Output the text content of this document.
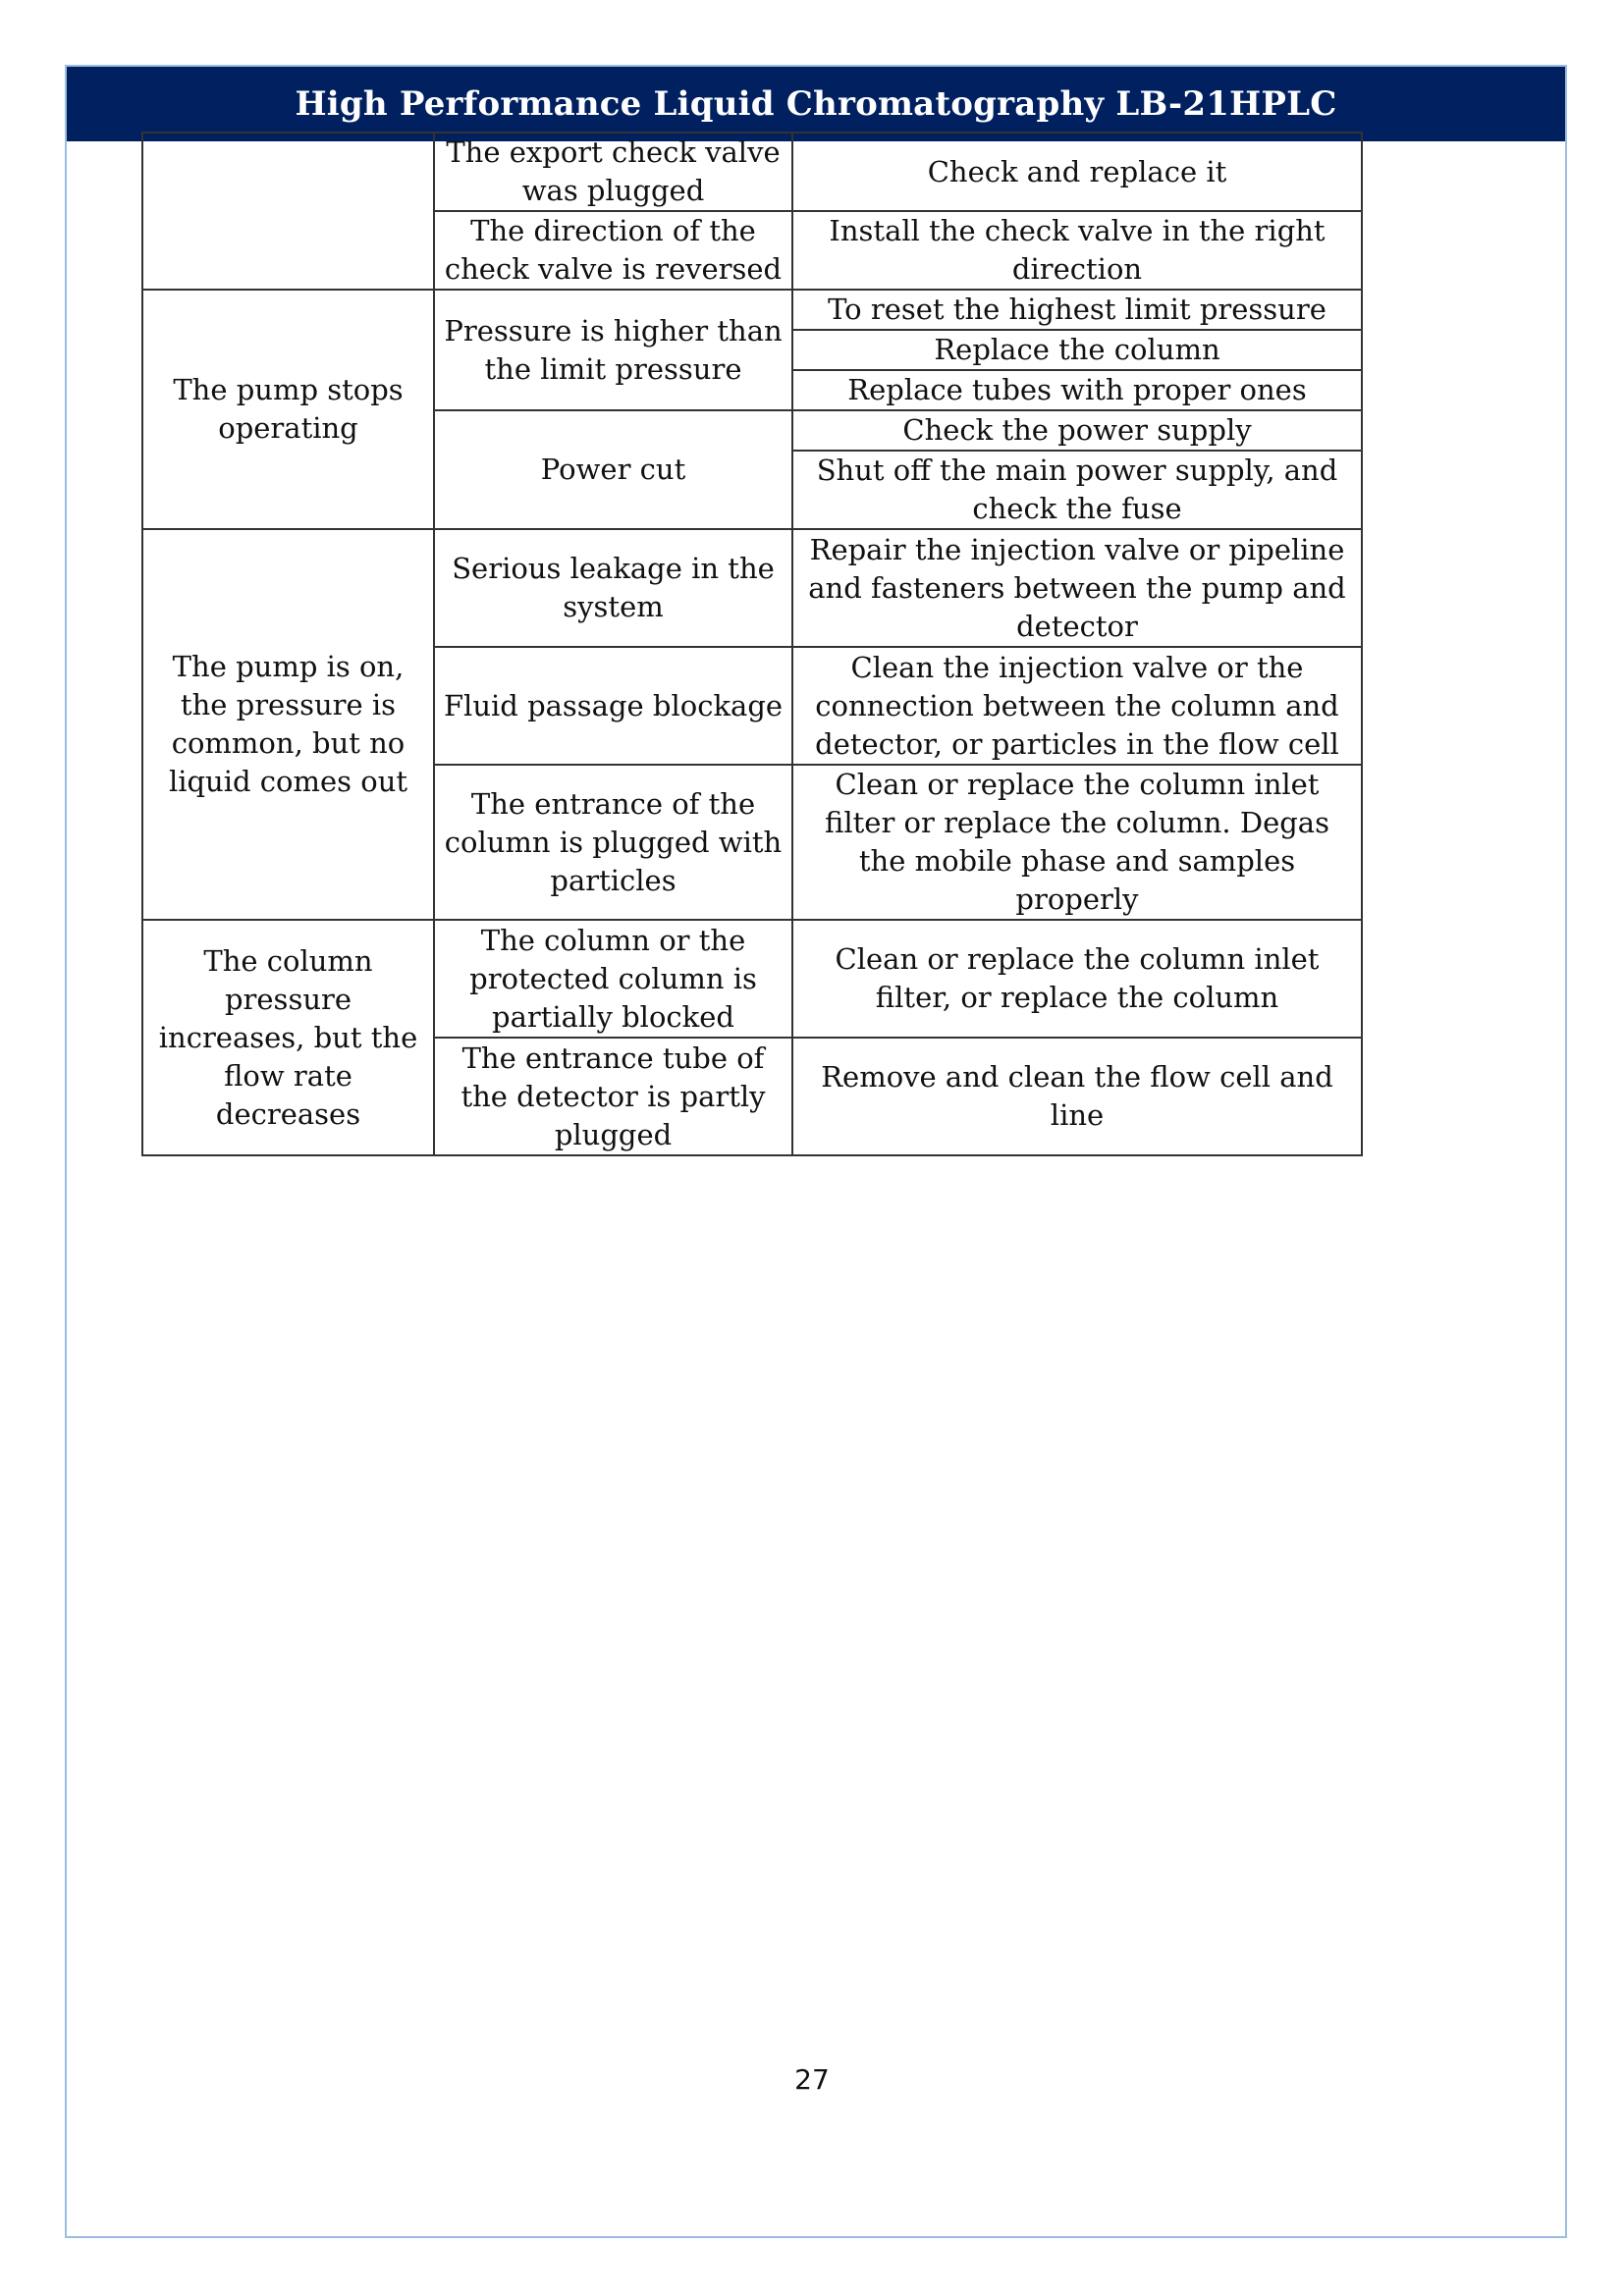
High Performance Liquid Chromatography LB-21HPLC
	The export check valve was plugged	Check and replace it
	The direction of the check valve is reversed	Install the check valve in the right direction
The pump stops operating	Pressure is higher than the limit pressure	To reset the highest limit pressure
		Replace the column
		Replace tubes with proper ones
	Power cut	Check the power supply
		Shut off the main power supply, and check the fuse
The pump is on, the pressure is common, but no liquid comes out	Serious leakage in the system	Repair the injection valve or pipeline and fasteners between the pump and detector
	Fluid passage blockage	Clean the injection valve or the connection between the column and detector, or particles in the flow cell
	The entrance of the column is plugged with particles	Clean or replace the column inlet filter or replace the column. Degas the mobile phase and samples properly
The column pressure increases, but the flow rate decreases	The column or the protected column is partially blocked	Clean or replace the column inlet filter, or replace the column
	The entrance tube of the detector is partly plugged	Remove and clean the flow cell and line
27
